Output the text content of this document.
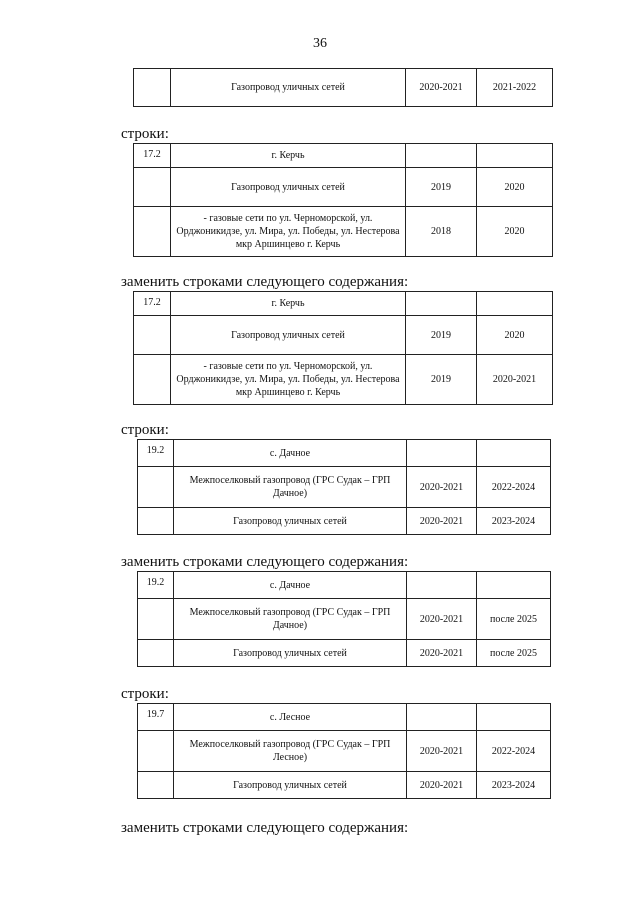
36
	Газопровод уличных сетей	2020-2021	2021-2022
строки:
17.2	г. Керчь		
	Газопровод уличных сетей	2019	2020
	- газовые сети по ул. Черноморской, ул. Орджоникидзе, ул. Мира, ул. Победы, ул. Нестерова мкр Аршинцево г. Керчь	2018	2020
заменить строками следующего содержания:
17.2	г. Керчь		
	Газопровод уличных сетей	2019	2020
	- газовые сети по ул. Черноморской, ул. Орджоникидзе, ул. Мира, ул. Победы, ул. Нестерова мкр Аршинцево г. Керчь	2019	2020-2021
строки:
19.2	с. Дачное		
	Межпоселковый газопровод (ГРС Судак – ГРП Дачное)	2020-2021	2022-2024
	Газопровод уличных сетей	2020-2021	2023-2024
заменить строками следующего содержания:
19.2	с. Дачное		
	Межпоселковый газопровод (ГРС Судак – ГРП Дачное)	2020-2021	после 2025
	Газопровод уличных сетей	2020-2021	после 2025
строки:
19.7	с. Лесное		
	Межпоселковый газопровод (ГРС Судак – ГРП Лесное)	2020-2021	2022-2024
	Газопровод уличных сетей	2020-2021	2023-2024
заменить строками следующего содержания:
